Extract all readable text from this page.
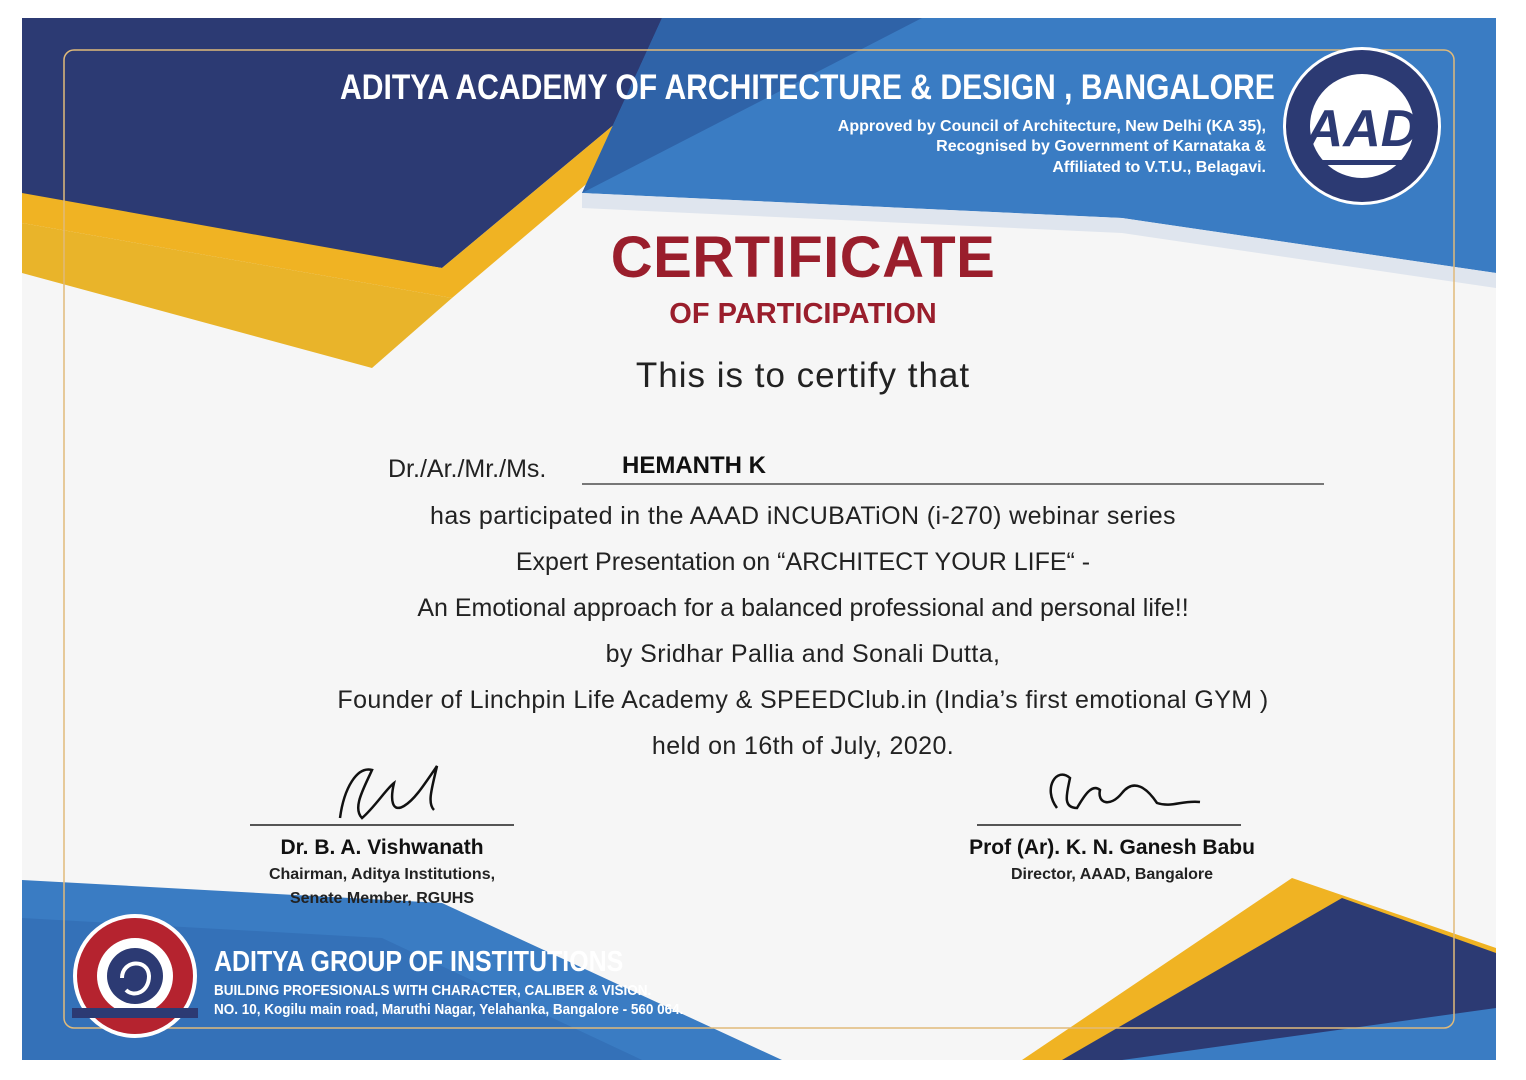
AAD
ADITYA ACADEMY OF ARCHITECTURE & DESIGN , BANGALORE
Approved by Council of Architecture, New Delhi (KA 35),
Recognised by Government of Karnataka &
Affiliated to V.T.U., Belagavi.
CERTIFICATE
OF PARTICIPATION
This is to certify that
Dr./Ar./Mr./Ms.	HEMANTH K
has participated in the AAAD iNCUBATiON (i-270) webinar series
Expert Presentation on “ARCHITECT YOUR LIFE“ -
An Emotional approach for a balanced professional and personal life!!
by Sridhar Pallia and Sonali Dutta,
Founder of Linchpin Life Academy & SPEEDClub.in (India’s first emotional GYM )
held on 16th of July, 2020.
Dr. B. A. Vishwanath
Chairman, Aditya Institutions,
Senate Member, RGUHS
Prof (Ar). K. N. Ganesh Babu
Director, AAAD, Bangalore
ADITYA GROUP OF INSTITUTIONS
BUILDING PROFESIONALS WITH CHARACTER, CALIBER & VISION.
NO. 10, Kogilu main road, Maruthi Nagar, Yelahanka, Bangalore - 560 064.
